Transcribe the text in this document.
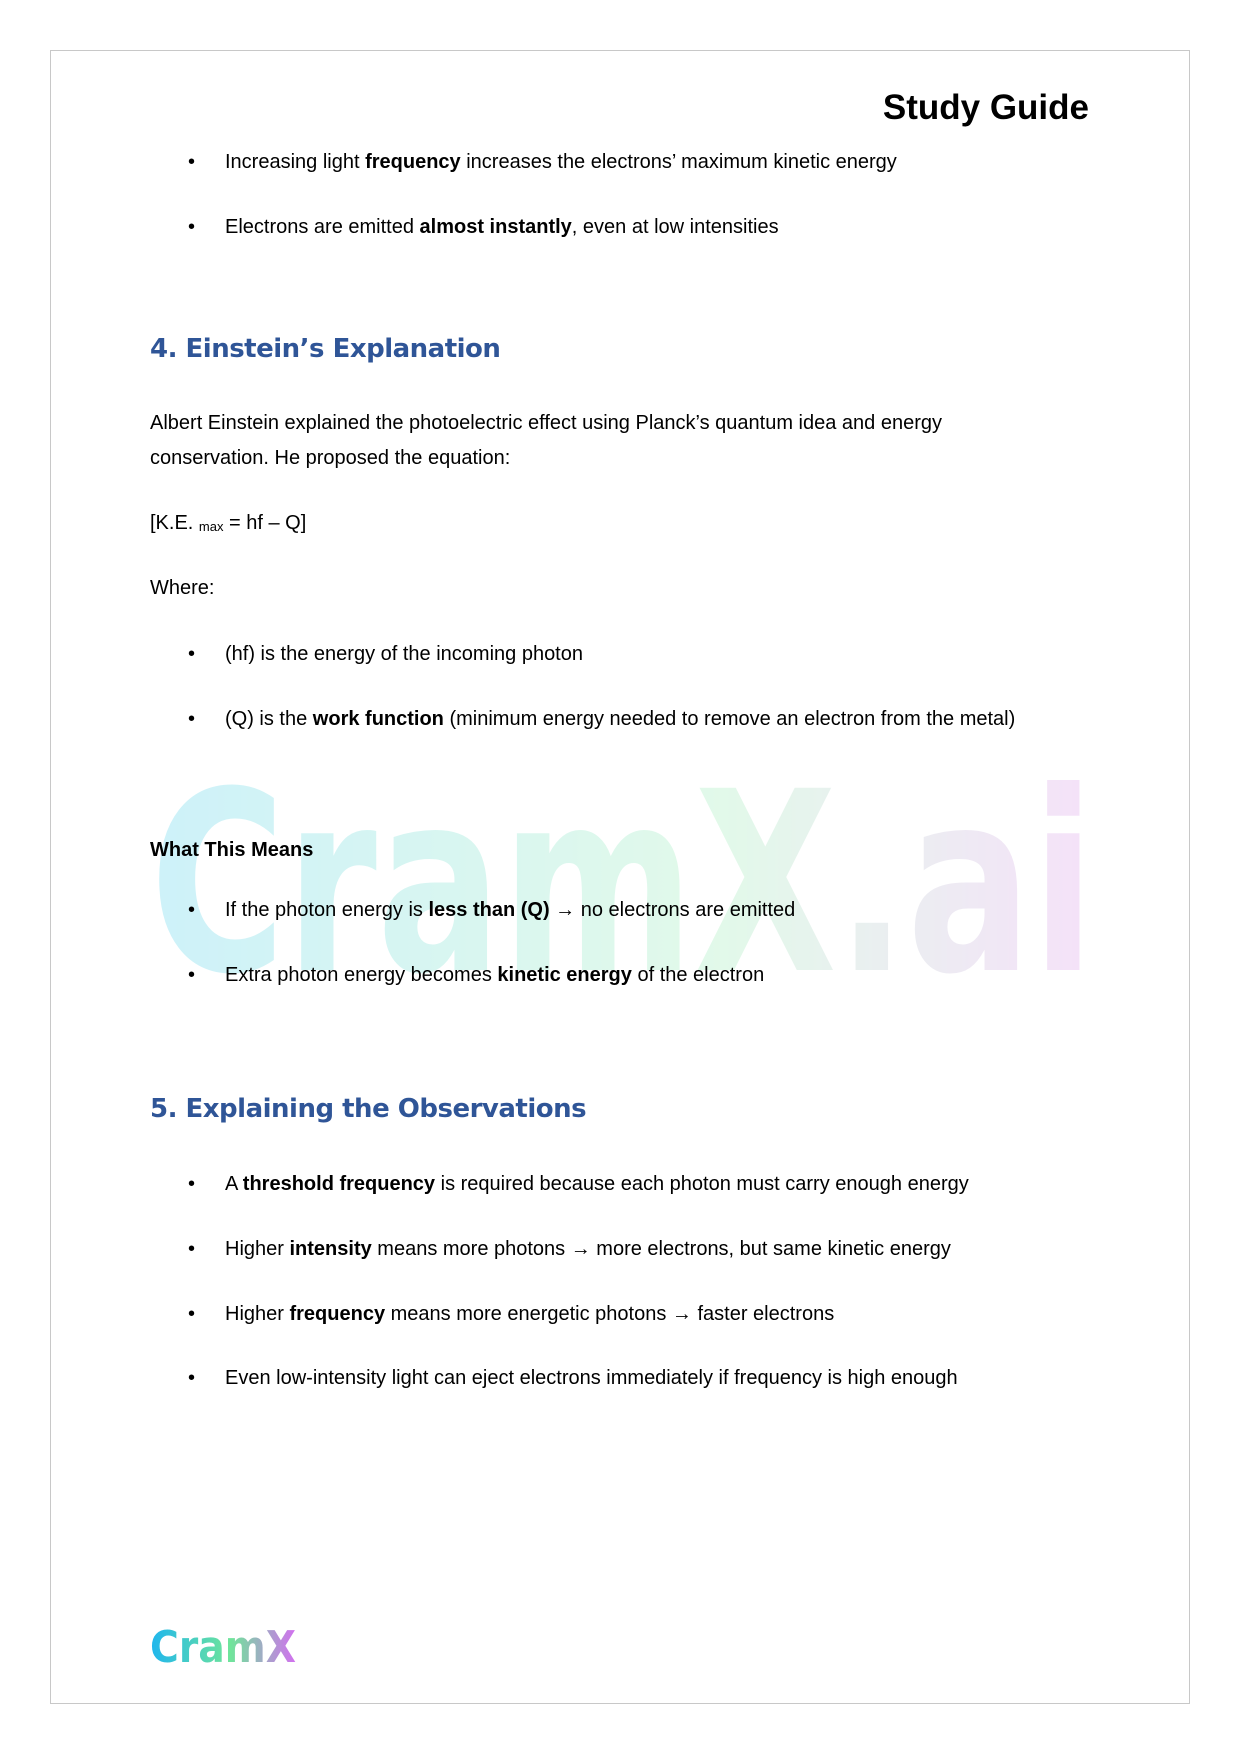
CramX.ai
Study Guide
• Increasing light frequency increases the electrons’ maximum kinetic energy
• Electrons are emitted almost instantly, even at low intensities
4. Einstein’s Explanation
Albert Einstein explained the photoelectric effect using Planck’s quantum idea and energy
conservation. He proposed the equation:
[K.E. $_{max}$ = hf – Q]
Where:
• (hf) is the energy of the incoming photon
• (Q) is the work function (minimum energy needed to remove an electron from the metal)
What This Means
• If the photon energy is less than (Q) → no electrons are emitted
• Extra photon energy becomes kinetic energy of the electron
5. Explaining the Observations
• A threshold frequency is required because each photon must carry enough energy
• Higher intensity means more photons → more electrons, but same kinetic energy
• Higher frequency means more energetic photons → faster electrons
• Even low-intensity light can eject electrons immediately if frequency is high enough
CramX
